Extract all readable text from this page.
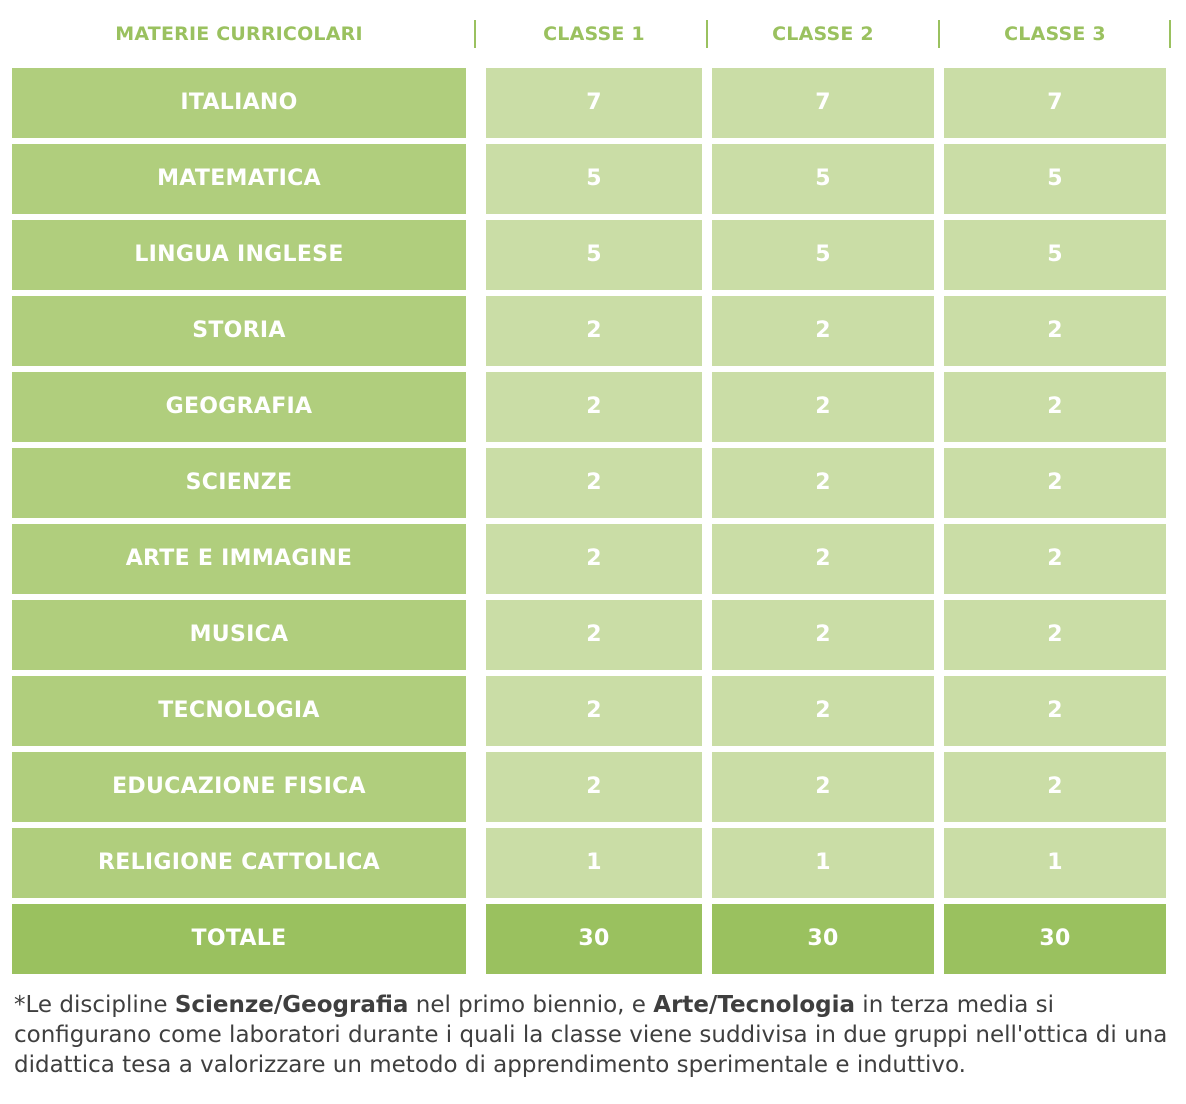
MATERIE CURRICOLARI	CLASSE 1	CLASSE 2	CLASSE 3
ITALIANO	7	7	7
MATEMATICA	5	5	5
LINGUA INGLESE	5	5	5
STORIA	2	2	2
GEOGRAFIA	2	2	2
SCIENZE	2	2	2
ARTE E IMMAGINE	2	2	2
MUSICA	2	2	2
TECNOLOGIA	2	2	2
EDUCAZIONE FISICA	2	2	2
RELIGIONE CATTOLICA	1	1	1
TOTALE	30	30	30
*Le discipline Scienze/Geografia nel primo biennio, e Arte/Tecnologia in terza media si configurano come laboratori durante i quali la classe viene suddivisa in due gruppi nell'ottica di una didattica tesa a valorizzare un metodo di apprendimento sperimentale e induttivo.
